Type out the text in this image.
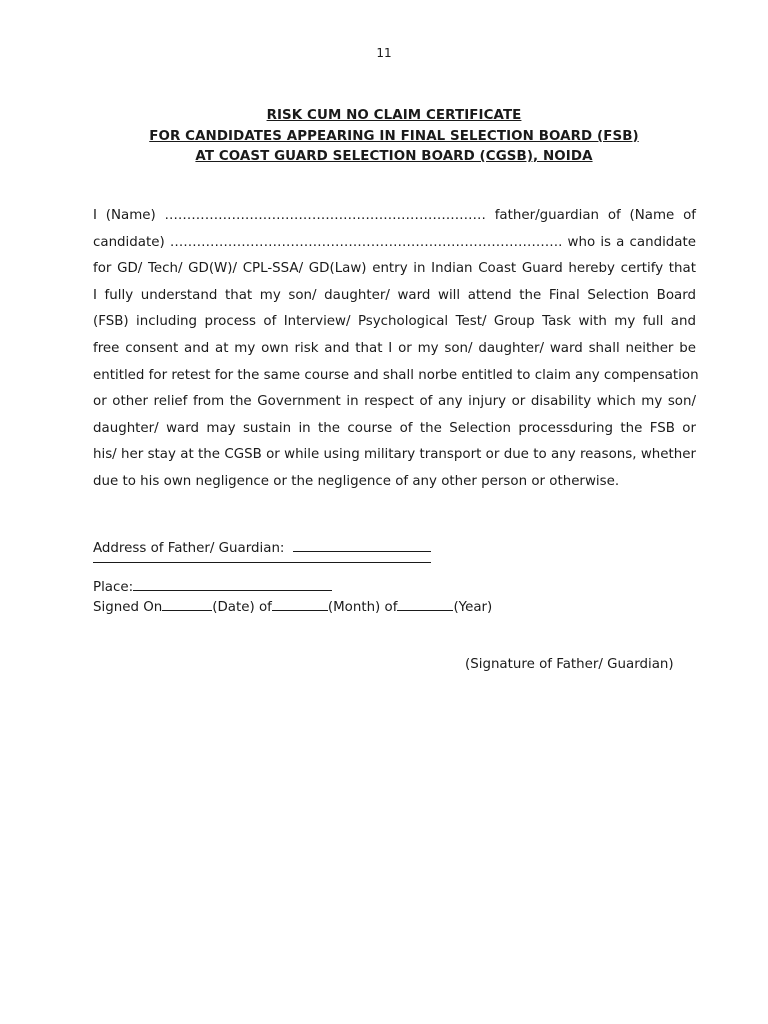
11
RISK CUM NO CLAIM CERTIFICATE
FOR CANDIDATES APPEARING IN FINAL SELECTION BOARD (FSB)
AT COAST GUARD SELECTION BOARD (CGSB), NOIDA
I (Name) ……………………………………………………………… father/guardian of (Name of
candidate) ……………………………………………………………………………. who is a candidate
for GD/ Tech/ GD(W)/ CPL-SSA/ GD(Law) entry in Indian Coast Guard hereby certify that
I fully understand that my son/ daughter/ ward will attend the Final Selection Board
(FSB) including process of Interview/ Psychological Test/ Group Task with my full and
free consent and at my own risk and that I or my son/ daughter/ ward shall neither be
entitled for retest for the same course and shall norbe entitled to claim any compensation
or other relief from the Government in respect of any injury or disability which my son/
daughter/ ward may sustain in the course of the Selection processduring the FSB or
his/ her stay at the CGSB or while using military transport or due to any reasons, whether
due to his own negligence or the negligence of any other person or otherwise.
Address of Father/ Guardian:
Place:
Signed On	(Date) of	(Month) of	(Year)
(Signature of Father/ Guardian)
